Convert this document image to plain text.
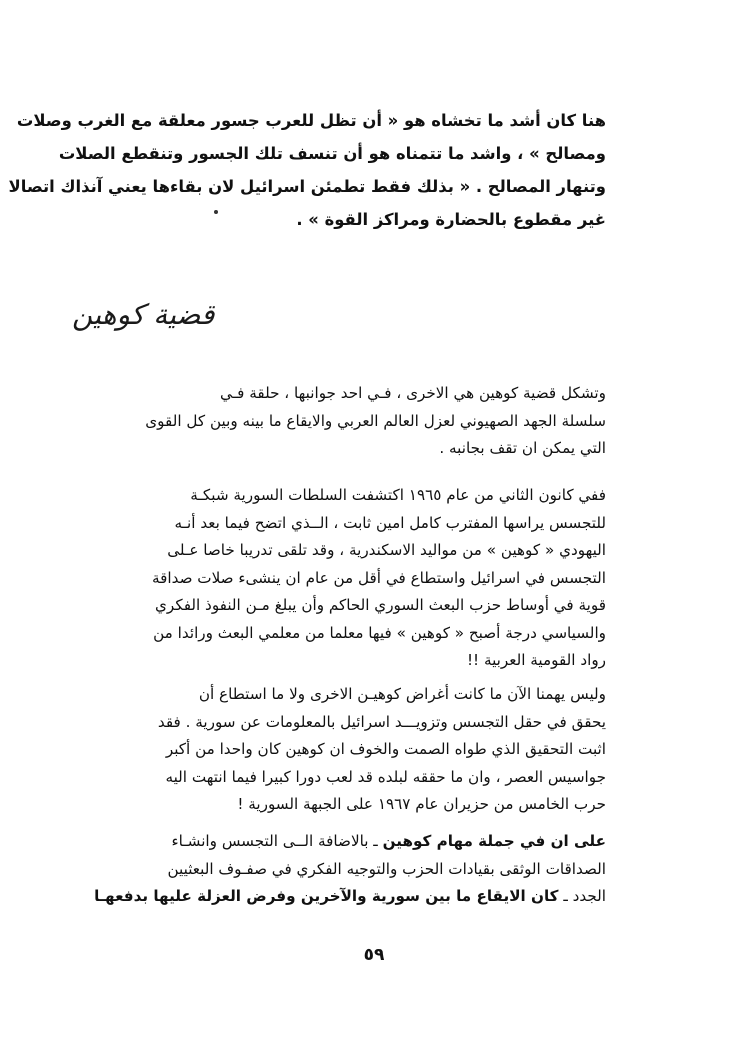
هنا كان أشد ما تخشاه هو « أن تظل للعرب جسور معلقة مع الغرب وصلات
ومصالح » ، واشد ما تتمناه هو أن تنسف تلك الجسور وتنقطع الصلات
وتنهار المصالح . « بذلك فقط تطمئن اسرائيل لان بقاءها يعني آنذاك اتصالا
غير مقطوع بالحضارة ومراكز القوة » .
قضية كوهين
وتشكل قضية كوهين هي الاخرى ، فـي احد جوانبها ، حلقة فـي
سلسلة الجهد الصهيوني لعزل العالم العربي والايقاع ما بينه وبين كل القوى
التي يمكن ان تقف بجانبه .
ففي كانون الثاني من عام ١٩٦٥ اكتشفت السلطات السورية شبكـة
للتجسس يراسها المفترب كامل امين ثابت ، الــذي اتضح فيما بعد أنـه
اليهودي « كوهين » من مواليد الاسكندرية ، وقد تلقى تدريبا خاصا عـلى
التجسس في اسرائيل واستطاع في أقل من عام ان ينشىء صلات صداقة
قوية في أوساط حزب البعث السوري الحاكم وأن يبلغ مـن النفوذ الفكري
والسياسي درجة أصبح « كوهين » فيها معلما من معلمي البعث ورائدا من
رواد القومية العربية !!
وليس يهمنا الآن ما كانت أغراض كوهيـن الاخرى ولا ما استطاع أن
يحقق في حقل التجسس وتزويـــد اسرائيل بالمعلومات عن سورية . فقد
اثبت التحقيق الذي طواه الصمت والخوف ان كوهين كان واحدا من أكبر
جواسيس العصر ، وان ما حققه لبلده قد لعب دورا كبيرا فيما انتهت اليه
حرب الخامس من حزيران عام ١٩٦٧ على الجبهة السورية !
على ان في جملة مهام كوهين ـ بالاضافة الــى التجسس وانشـاء
الصداقات الوثقى بقيادات الحزب والتوجيه الفكري في صفـوف البعثيين
الجدد ـ كان الايقاع ما بين سورية والآخرين وفرض العزلة عليها بدفعهـا
٥٩
